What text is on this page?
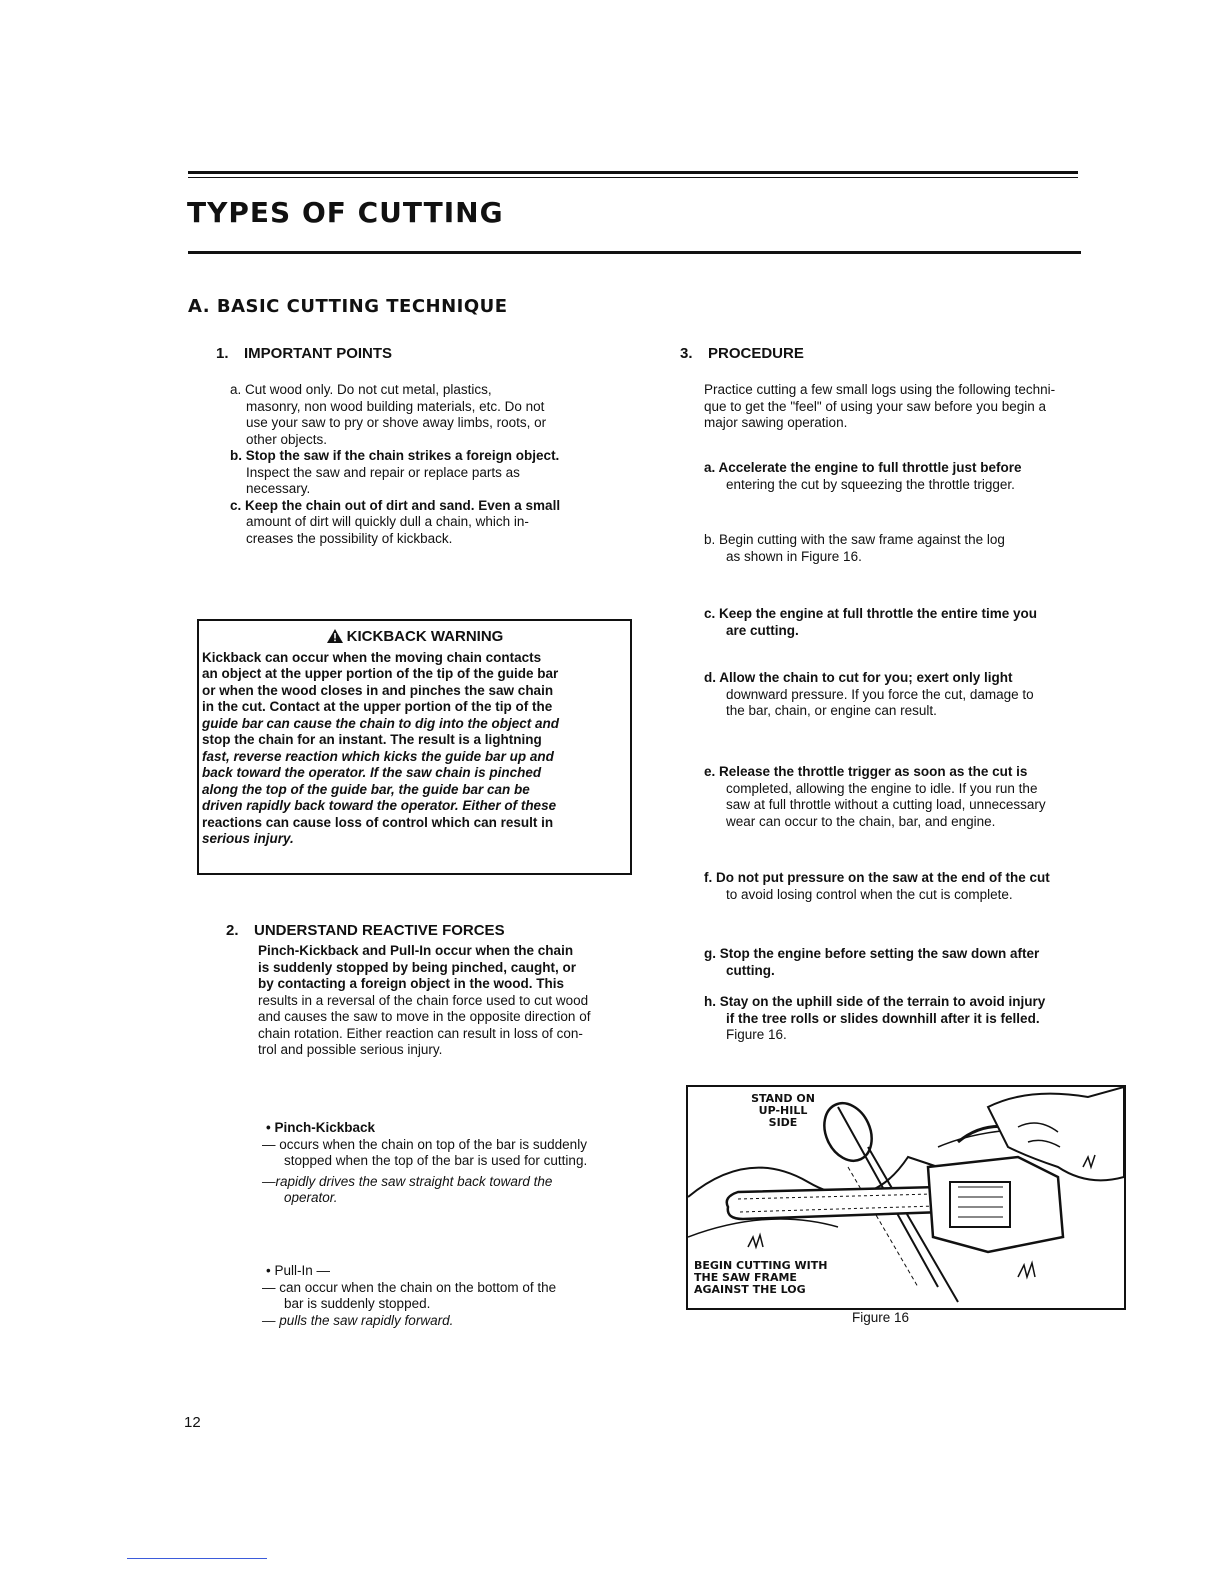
TYPES OF CUTTING
A. BASIC CUTTING TECHNIQUE
1. IMPORTANT POINTS
a. Cut wood only. Do not cut metal, plastics,
masonry, non wood building materials, etc. Do not
use your saw to pry or shove away limbs, roots, or
other objects.
b. Stop the saw if the chain strikes a foreign object.
Inspect the saw and repair or replace parts as
necessary.
c. Keep the chain out of dirt and sand. Even a small
amount of dirt will quickly dull a chain, which in-
creases the possibility of kickback.
KICKBACK WARNING
Kickback can occur when the moving chain contacts
an object at the upper portion of the tip of the guide bar
or when the wood closes in and pinches the saw chain
in the cut. Contact at the upper portion of the tip of the
guide bar can cause the chain to dig into the object and
stop the chain for an instant. The result is a lightning
fast, reverse reaction which kicks the guide bar up and
back toward the operator. If the saw chain is pinched
along the top of the guide bar, the guide bar can be
driven rapidly back toward the operator. Either of these
reactions can cause loss of control which can result in
serious injury.
2. UNDERSTAND REACTIVE FORCES
Pinch-Kickback and Pull-In occur when the chain
is suddenly stopped by being pinched, caught, or
by contacting a foreign object in the wood. This
results in a reversal of the chain force used to cut wood
and causes the saw to move in the opposite direction of
chain rotation. Either reaction can result in loss of con-
trol and possible serious injury.
• Pinch-Kickback
— occurs when the chain on top of the bar is suddenly
stopped when the top of the bar is used for cutting.
—rapidly drives the saw straight back toward the
operator.
• Pull-In —
— can occur when the chain on the bottom of the
bar is suddenly stopped.
— pulls the saw rapidly forward.
3. PROCEDURE
Practice cutting a few small logs using the following techni-
que to get the "feel" of using your saw before you begin a
major sawing operation.
a. Accelerate the engine to full throttle just before
entering the cut by squeezing the throttle trigger.
b. Begin cutting with the saw frame against the log
as shown in Figure 16.
c. Keep the engine at full throttle the entire time you
are cutting.
d. Allow the chain to cut for you; exert only light
downward pressure. If you force the cut, damage to
the bar, chain, or engine can result.
e. Release the throttle trigger as soon as the cut is
completed, allowing the engine to idle. If you run the
saw at full throttle without a cutting load, unnecessary
wear can occur to the chain, bar, and engine.
f. Do not put pressure on the saw at the end of the cut
to avoid losing control when the cut is complete.
g. Stop the engine before setting the saw down after
cutting.
h. Stay on the uphill side of the terrain to avoid injury
if the tree rolls or slides downhill after it is felled.
Figure 16.
STAND ON
UP-HILL
SIDE
BEGIN CUTTING WITH
THE SAW FRAME
AGAINST THE LOG
Figure 16
12
